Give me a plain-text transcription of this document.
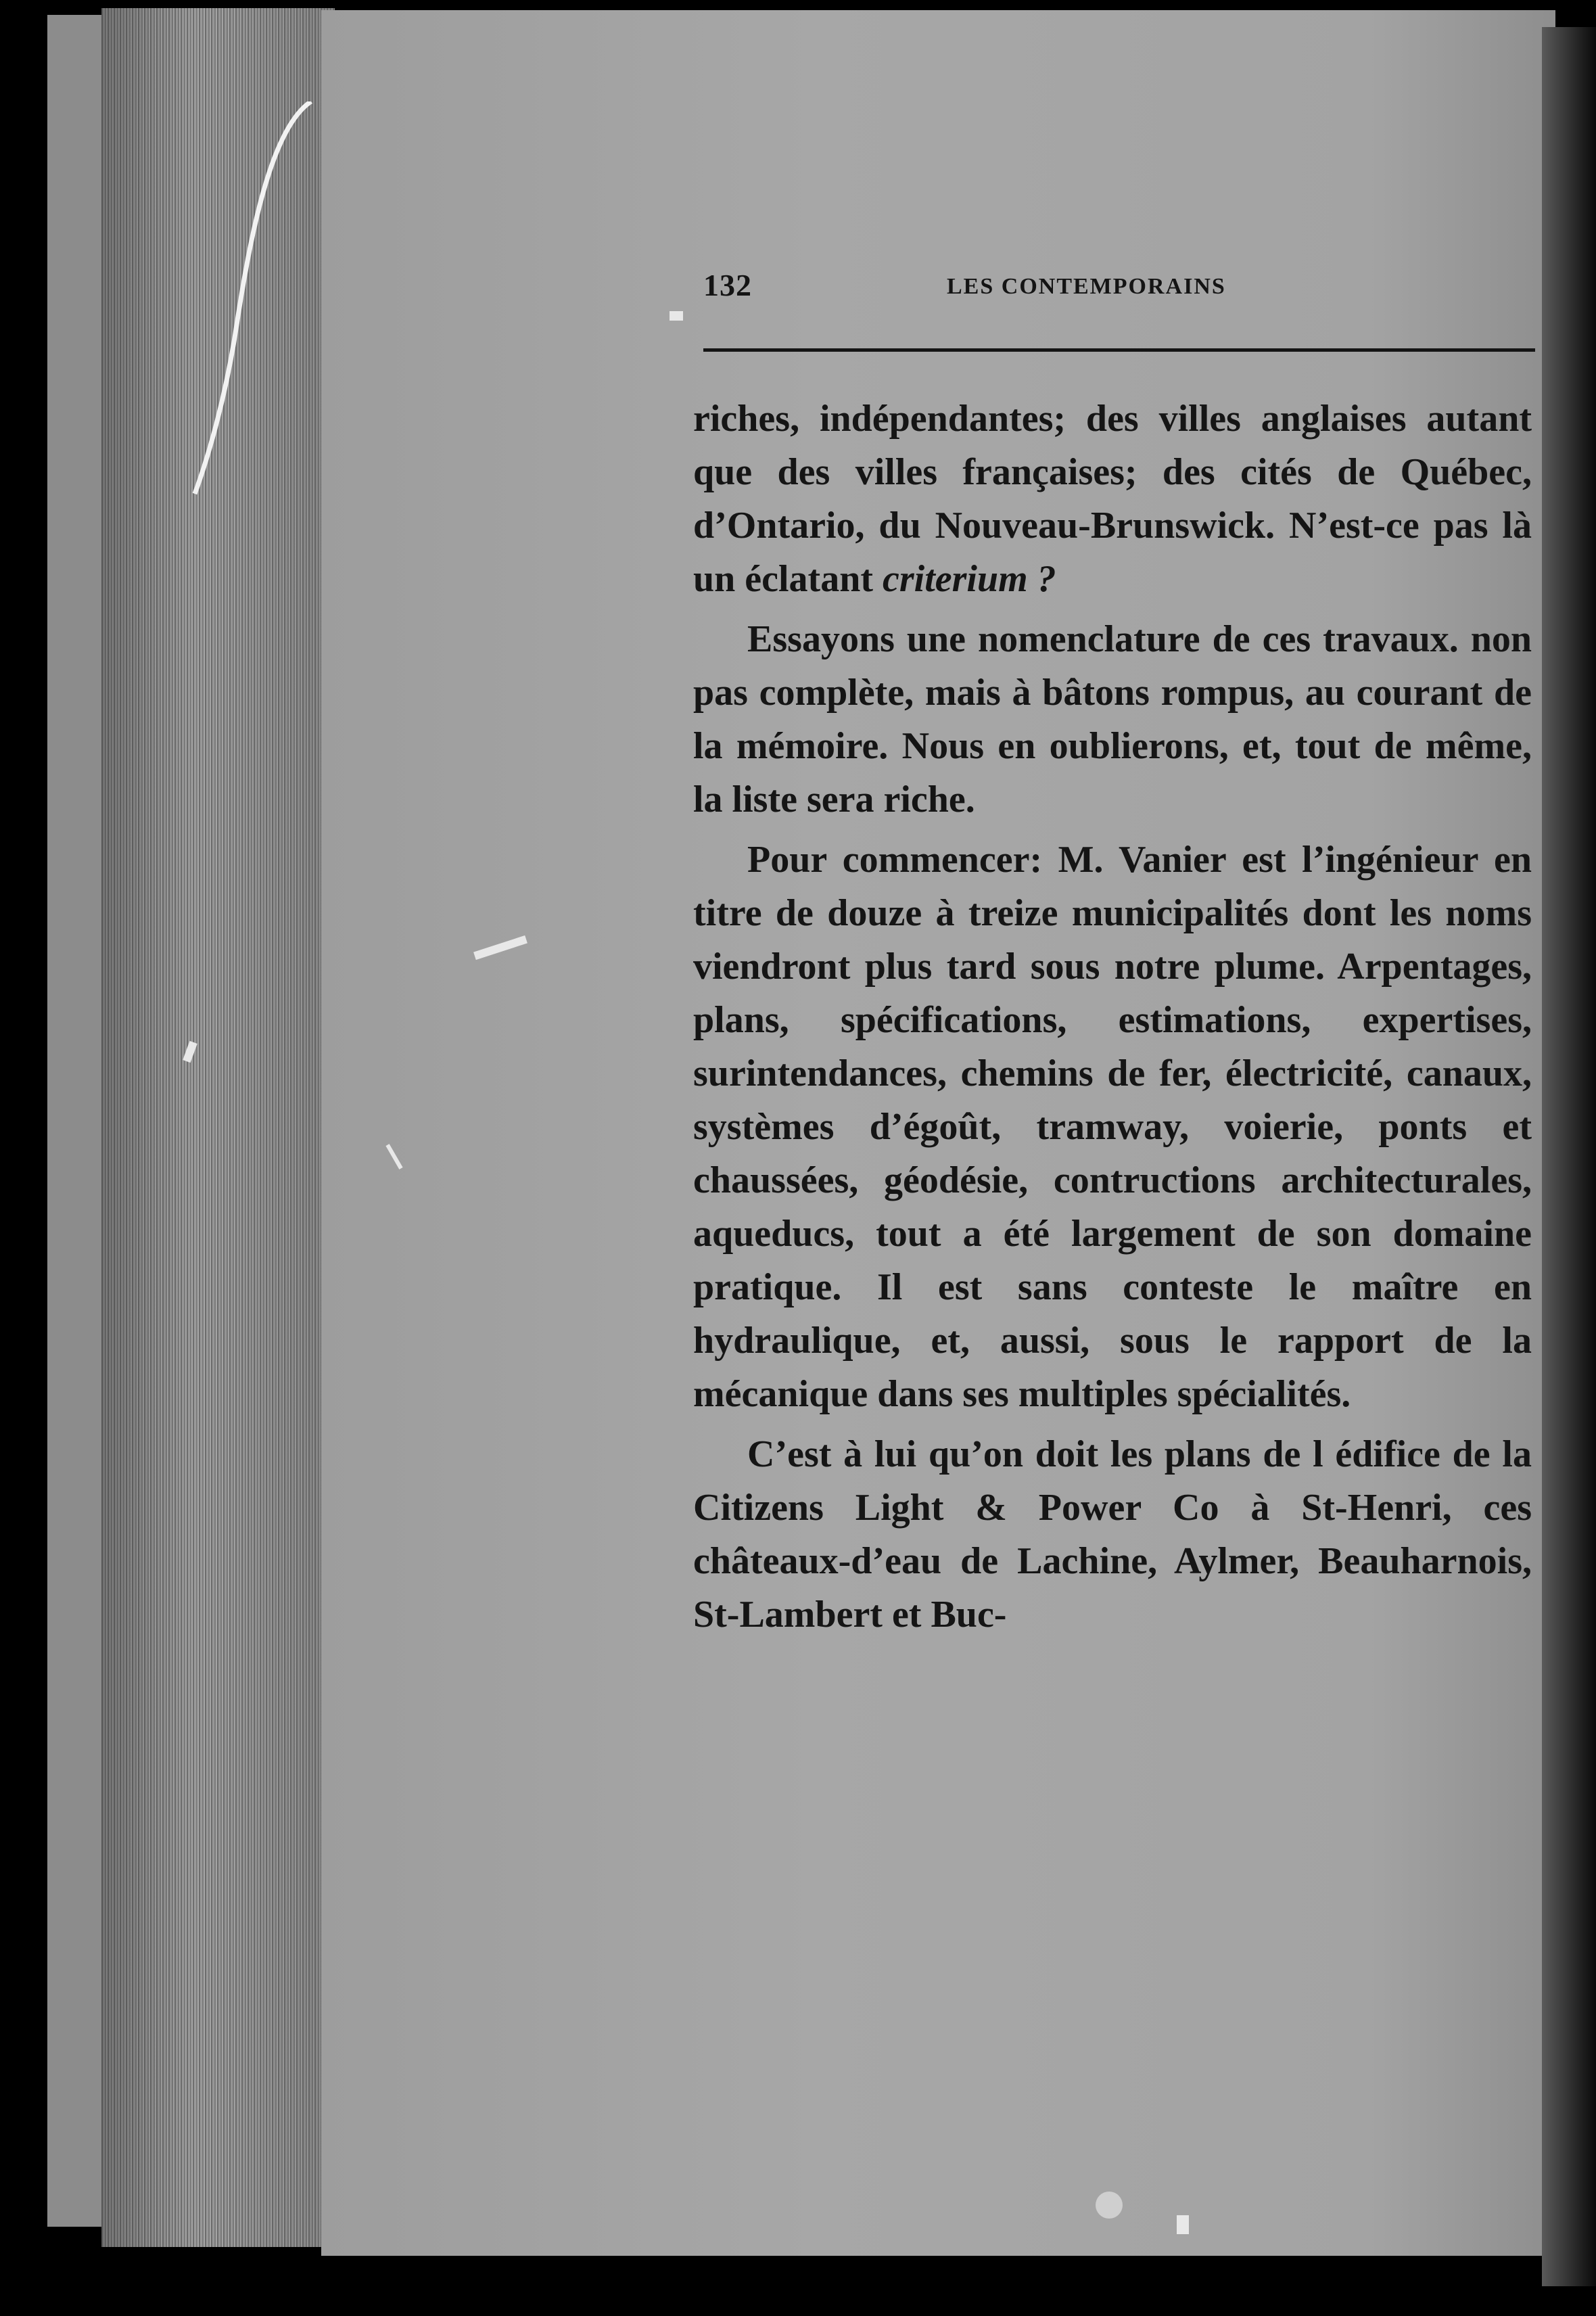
132	LES CONTEMPORAINS

riches, indépendantes; des villes anglaises autant que des villes françaises; des cités de Québec, d’Ontario, du Nouveau-Brunswick. N’est-ce pas là un éclatant criterium ?

Essayons une nomenclature de ces travaux. non pas complète, mais à bâtons rompus, au courant de la mémoire. Nous en oublierons, et, tout de même, la liste sera riche.

Pour commencer: M. Vanier est l’ingénieur en titre de douze à treize municipalités dont les noms viendront plus tard sous notre plume. Arpentages, plans, spécifications, estimations, expertises, surintendances, chemins de fer, électricité, canaux, systèmes d’égoût, tramway, voierie, ponts et chaussées, géodésie, contructions architecturales, aqueducs, tout a été largement de son domaine pratique. Il est sans conteste le maître en hydraulique, et, aussi, sous le rapport de la mécanique dans ses multiples spécialités.

C’est à lui qu’on doit les plans de l édifice de la Citizens Light & Power Co à St-Henri, ces châteaux-d’eau de Lachine, Aylmer, Beauharnois, St-Lambert et Buc-
